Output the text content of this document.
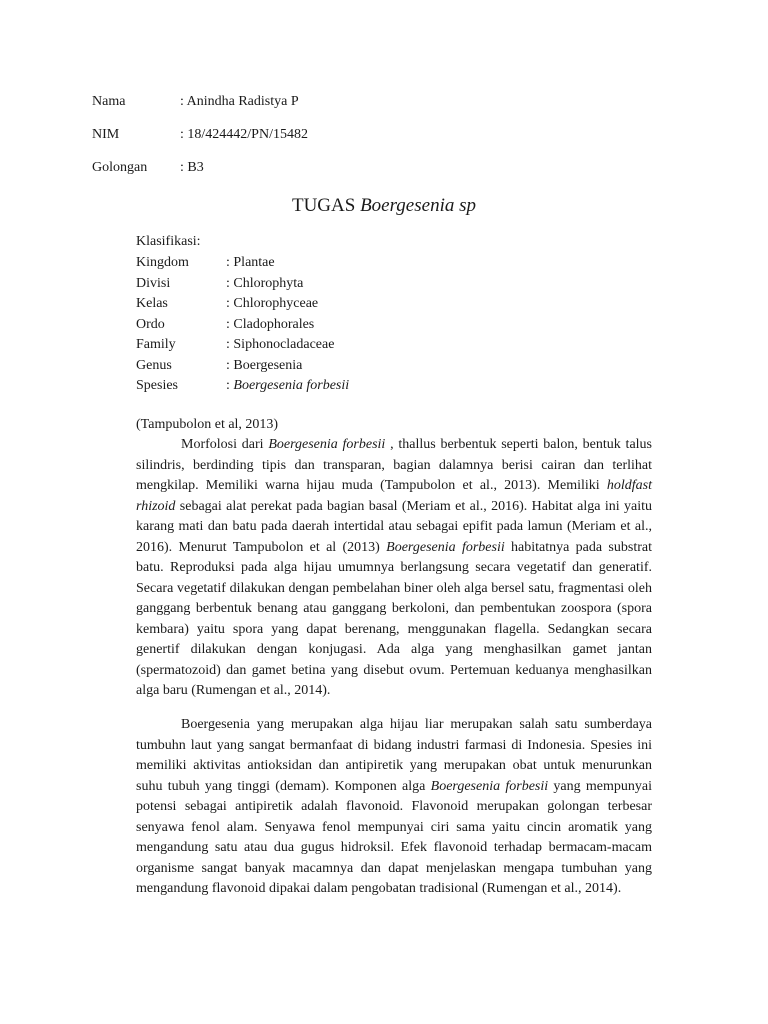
Nama	: Anindha Radistya P
NIM	: 18/424442/PN/15482
Golongan : B3
TUGAS Boergesenia sp
Klasifikasi:
Kingdom	: Plantae
Divisi	: Chlorophyta
Kelas	: Chlorophyceae
Ordo	: Cladophorales
Family	: Siphonocladaceae
Genus	: Boergesenia
Spesies	: Boergesenia forbesii
(Tampubolon et al, 2013)

Morfolosi dari Boergesenia forbesii , thallus berbentuk seperti balon, bentuk talus silindris, berdinding tipis dan transparan, bagian dalamnya berisi cairan dan terlihat mengkilap. Memiliki warna hijau muda (Tampubolon et al., 2013). Memiliki holdfast rhizoid sebagai alat perekat pada bagian basal (Meriam et al., 2016). Habitat alga ini yaitu karang mati dan batu pada daerah intertidal atau sebagai epifit pada lamun (Meriam et al., 2016). Menurut Tampubolon et al (2013) Boergesenia forbesii habitatnya pada substrat batu. Reproduksi pada alga hijau umumnya berlangsung secara vegetatif dan generatif. Secara vegetatif dilakukan dengan pembelahan biner oleh alga bersel satu, fragmentasi oleh ganggang berbentuk benang atau ganggang berkoloni, dan pembentukan zoospora (spora kembara) yaitu spora yang dapat berenang, menggunakan flagella. Sedangkan secara genertif dilakukan dengan konjugasi. Ada alga yang menghasilkan gamet jantan (spermatozoid) dan gamet betina yang disebut ovum. Pertemuan keduanya menghasilkan alga baru (Rumengan et al., 2014).

Boergesenia yang merupakan alga hijau liar merupakan salah satu sumberdaya tumbuhn laut yang sangat bermanfaat di bidang industri farmasi di Indonesia. Spesies ini memiliki aktivitas antioksidan dan antipiretik yang merupakan obat untuk menurunkan suhu tubuh yang tinggi (demam). Komponen alga Boergesenia forbesii yang mempunyai potensi sebagai antipiretik adalah flavonoid. Flavonoid merupakan golongan terbesar senyawa fenol alam. Senyawa fenol mempunyai ciri sama yaitu cincin aromatik yang mengandung satu atau dua gugus hidroksil. Efek flavonoid terhadap bermacam-macam organisme sangat banyak macamnya dan dapat menjelaskan mengapa tumbuhan yang mengandung flavonoid dipakai dalam pengobatan tradisional (Rumengan et al., 2014).
